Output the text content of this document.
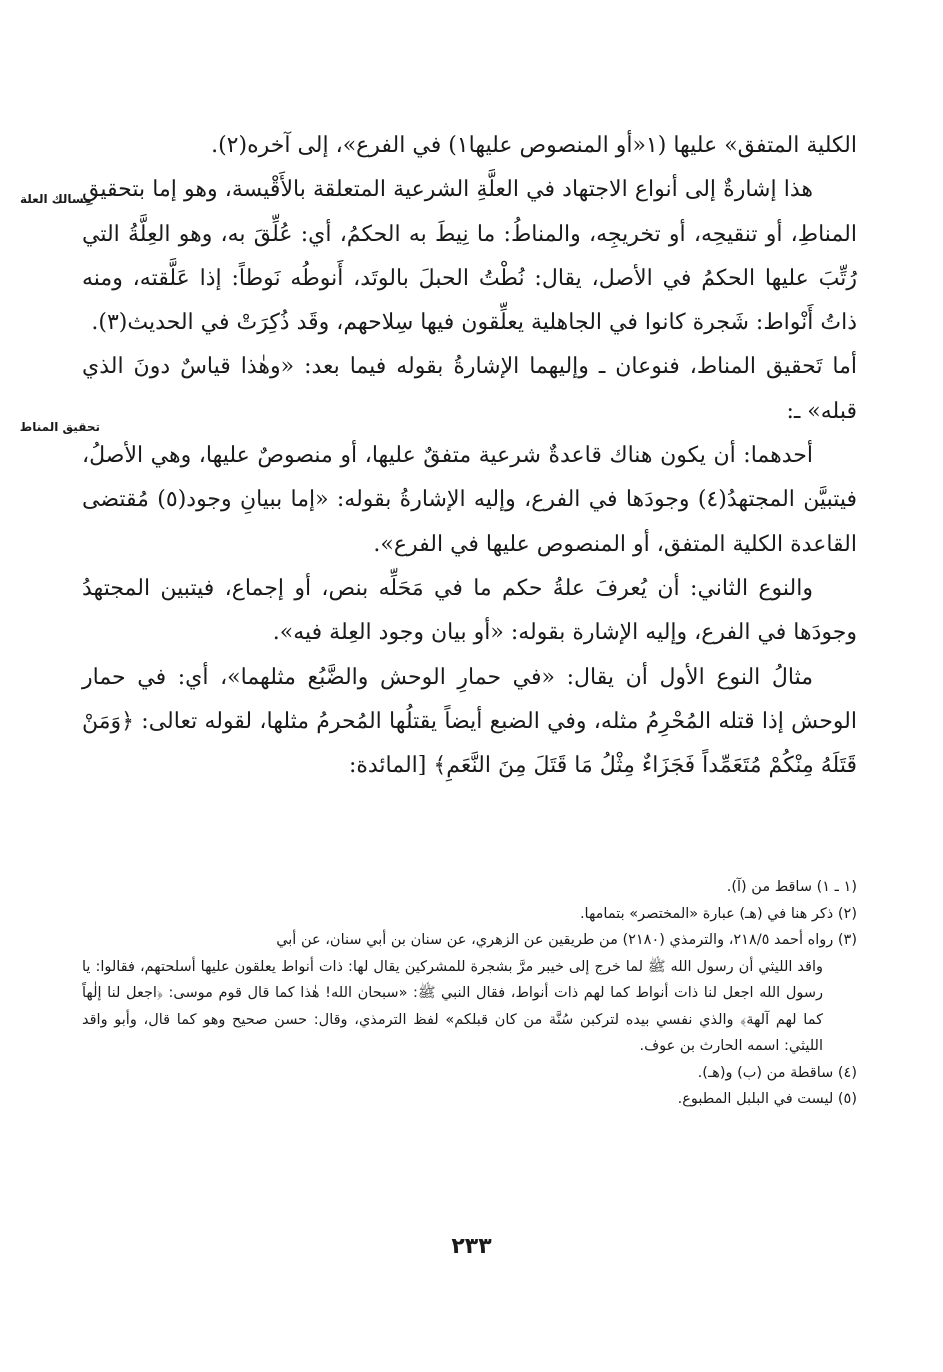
الكلية المتفق» عليها (١«أو المنصوص عليها١) في الفرع»، إلى آخره(٢).

هذا إشارةٌ إلى أنواع الاجتهاد في العلَّةِ الشرعية المتعلقة بالأَقْيسة، وهو إما بتحقيقِ المناطِ، أو تنقيحِه، أو تخريجِه، والمناطُ: ما نِيطَ به الحكمُ، أي: عُلِّقَ به، وهو العِلَّةُ التي رُتِّبَ عليها الحكمُ في الأصل، يقال: نُطْتُ الحبلَ بالوتَد، أَنوطُه نَوطاً: إذا عَلَّقته، ومنه ذاتُ أَنْواط: شَجرة كانوا في الجاهلية يعلِّقون فيها سِلاحهم، وقَد ذُكِرَتْ في الحديث(٣).

أما تَحقيق المناط، فنوعان ـ وإليهما الإشارةُ بقوله فيما بعد: «وهٰذا قياسٌ دونَ الذي قبله» ـ:

أحدهما: أن يكون هناك قاعدةٌ شرعية متفقٌ عليها، أو منصوصٌ عليها، وهي الأصلُ، فيتبيَّن المجتهدُ(٤) وجودَها في الفرع، وإليه الإشارةُ بقوله: «إما ببيانِ وجود(٥) مُقتضى القاعدة الكلية المتفق، أو المنصوص عليها في الفرع».

والنوع الثاني: أن يُعرفَ علةُ حكم ما في مَحَلِّه بنص، أو إجماع، فيتبين المجتهدُ وجودَها في الفرع، وإليه الإشارة بقوله: «أو بيان وجود العِلة فيه».

مثالُ النوع الأول أن يقال: «في حمارِ الوحش والضَّبُع مثلهما»، أي: في حمار الوحش إذا قتله المُحْرِمُ مثله، وفي الضبع أيضاً يقتلُها المُحرمُ مثلها، لقوله تعالى: ﴿وَمَنْ قَتَلَهُ مِنْكُمْ مُتَعَمِّداً فَجَزَاءٌ مِثْلُ مَا قَتَلَ مِنَ النَّعَمِ﴾ [المائدة:

مسالك العلة
تحقيق المناط

(١ ـ ١) ساقط من (آ).

(٢) ذكر هنا في (هـ) عبارة «المختصر» بتمامها.

(٣) رواه أحمد ٢١٨/٥، والترمذي (٢١٨٠) من طريقين عن الزهري، عن سنان بن أبي سنان، عن أبي

واقد الليثي أن رسول الله ﷺ لما خرج إلى خيبر مرَّ بشجرة للمشركين يقال لها: ذات أنواط يعلقون عليها أسلحتهم، فقالوا: يا رسول الله اجعل لنا ذات أنواط كما لهم ذات أنواط، فقال النبي ﷺ: «سبحان الله! هٰذا كما قال قوم موسى: ﴿اجعل لنا إلٰهاً كما لهم آلهة﴾ والذي نفسي بيده لتركبن سُنَّة من كان قبلكم» لفظ الترمذي، وقال: حسن صحيح وهو كما قال، وأبو واقد الليثي: اسمه الحارث بن عوف.

(٤) ساقطة من (ب) و(هـ).

(٥) ليست في البلبل المطبوع.

٢٣٣
